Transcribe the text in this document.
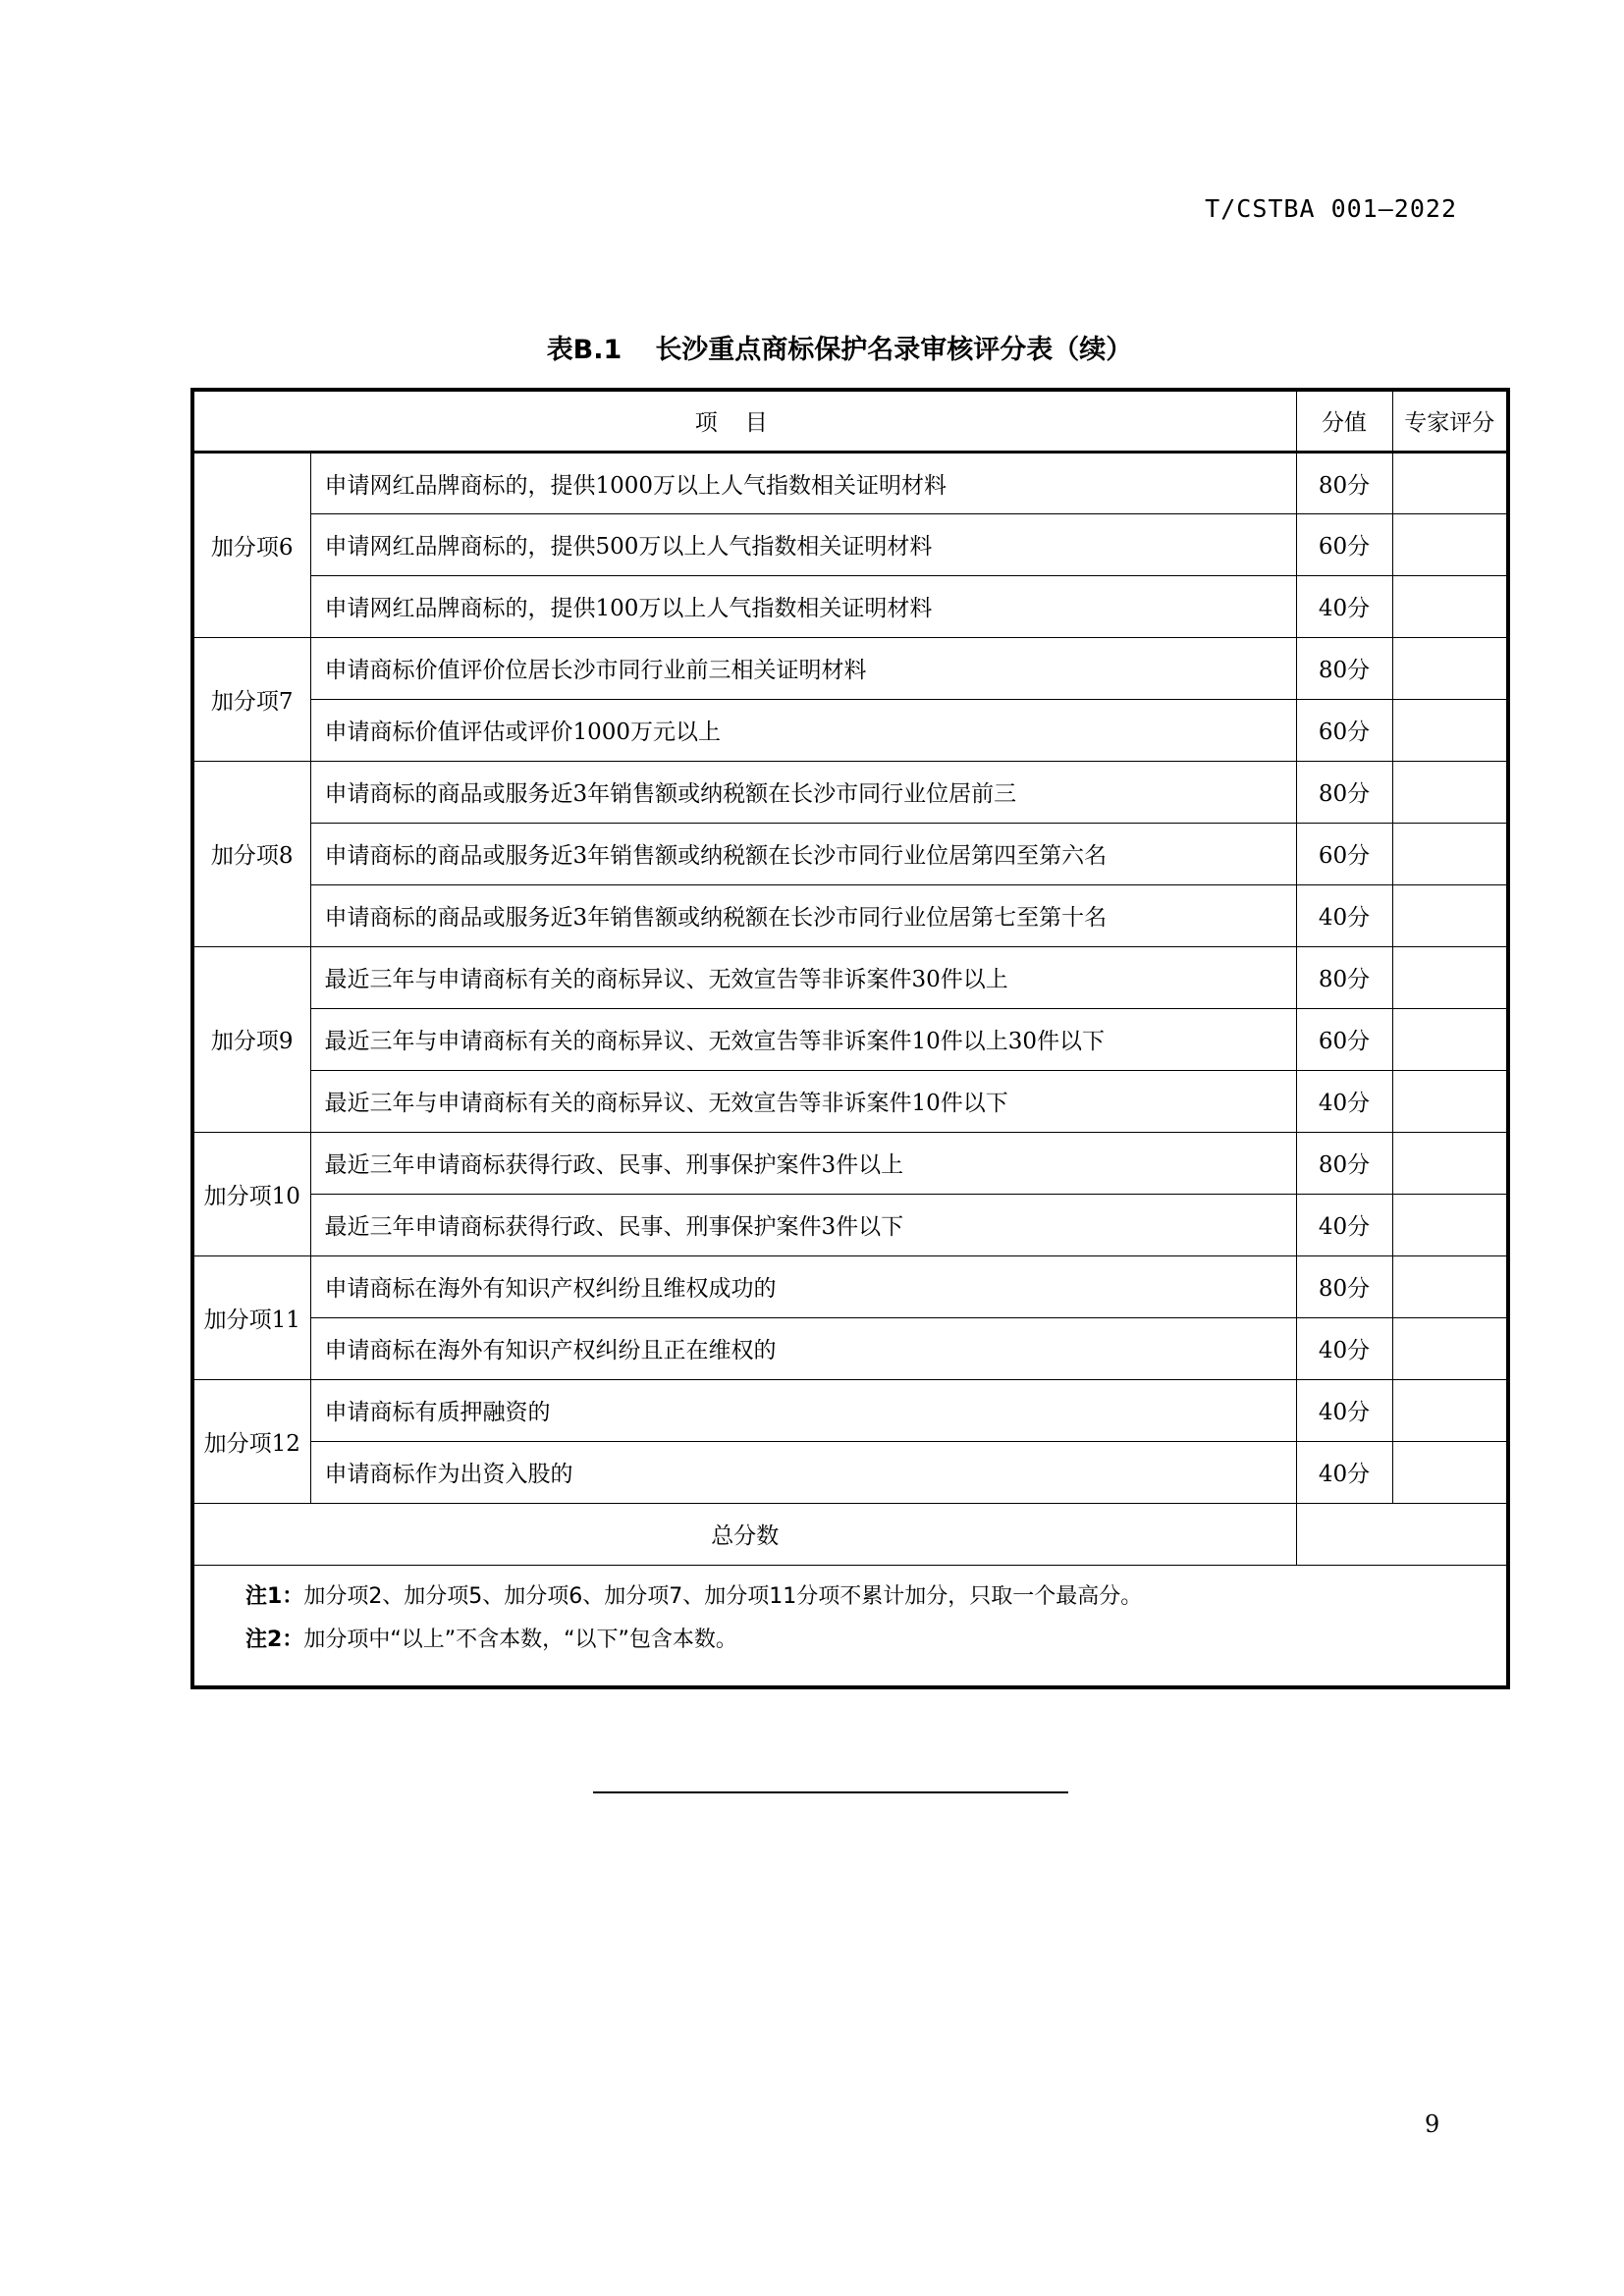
T/CSTBA 001—2022
表B.1 长沙重点商标保护名录审核评分表（续）
项目		分值	专家评分
加分项6	申请网红品牌商标的，提供1000万以上人气指数相关证明材料	80分	
	申请网红品牌商标的，提供500万以上人气指数相关证明材料	60分	
	申请网红品牌商标的，提供100万以上人气指数相关证明材料	40分	
加分项7	申请商标价值评价位居长沙市同行业前三相关证明材料	80分	
	申请商标价值评估或评价1000万元以上	60分	
加分项8	申请商标的商品或服务近3年销售额或纳税额在长沙市同行业位居前三	80分	
	申请商标的商品或服务近3年销售额或纳税额在长沙市同行业位居第四至第六名	60分	
	申请商标的商品或服务近3年销售额或纳税额在长沙市同行业位居第七至第十名	40分	
加分项9	最近三年与申请商标有关的商标异议、无效宣告等非诉案件30件以上	80分	
	最近三年与申请商标有关的商标异议、无效宣告等非诉案件10件以上30件以下	60分	
	最近三年与申请商标有关的商标异议、无效宣告等非诉案件10件以下	40分	
加分项10	最近三年申请商标获得行政、民事、刑事保护案件3件以上	80分	
	最近三年申请商标获得行政、民事、刑事保护案件3件以下	40分	
加分项11	申请商标在海外有知识产权纠纷且维权成功的	80分	
	申请商标在海外有知识产权纠纷且正在维权的	40分	
加分项12	申请商标有质押融资的	40分	
	申请商标作为出资入股的	40分	
总分数			

注1：加分项2、加分项5、加分项6、加分项7、加分项11分项不累计加分，只取一个最高分。
注2：加分项中“以上”不含本数，“以下”包含本数。			
9
